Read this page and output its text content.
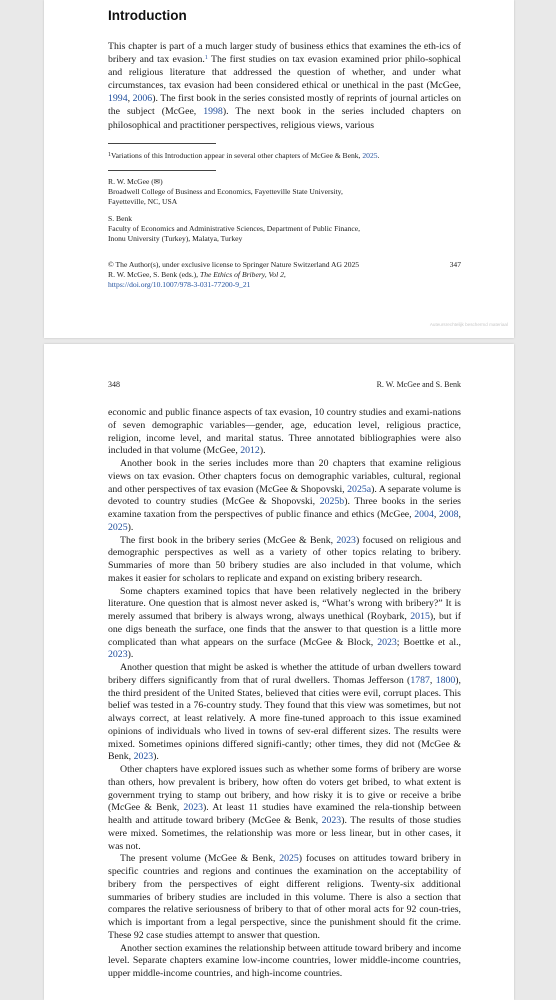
Introduction

This chapter is part of a much larger study of business ethics that examines the eth-ics of bribery and tax evasion.$^1$ The first studies on tax evasion examined prior philo-sophical and religious literature that addressed the question of whether, and under what circumstances, tax evasion had been considered ethical or unethical in the past (McGee, 1994, 2006). The first book in the series consisted mostly of reprints of journal articles on the subject (McGee, 1998). The next book in the series included chapters on philosophical and practitioner perspectives, religious views, various

$^1$Variations of this Introduction appear in several other chapters of McGee & Benk, 2025.
R. W. McGee (✉)
Broadwell College of Business and Economics, Fayetteville State University,
Fayetteville, NC, USA
S. Benk
Faculty of Economics and Administrative Sciences, Department of Public Finance,
Inonu University (Turkey), Malatya, Turkey
© The Author(s), under exclusive license to Springer Nature Switzerland AG 2025	347
R. W. McGee, S. Benk (eds.), The Ethics of Bribery, Vol 2,
https://doi.org/10.1007/978-3-031-77200-9_21
Auteursrechtelijk beschermd materiaal
348	R. W. McGee and S. Benk

economic and public finance aspects of tax evasion, 10 country studies and exami-nations of seven demographic variables—gender, age, education level, religious practice, religion, income level, and marital status. Three annotated bibliographies were also included in that volume (McGee, 2012).

Another book in the series includes more than 20 chapters that examine religious views on tax evasion. Other chapters focus on demographic variables, cultural, regional and other perspectives of tax evasion (McGee & Shopovski, 2025a). A separate volume is devoted to country studies (McGee & Shopovski, 2025b). Three books in the series examine taxation from the perspectives of public finance and ethics (McGee, 2004, 2008, 2025).

The first book in the bribery series (McGee & Benk, 2023) focused on religious and demographic perspectives as well as a variety of other topics relating to bribery. Summaries of more than 50 bribery studies are also included in that volume, which makes it easier for scholars to replicate and expand on existing bribery research.

Some chapters examined topics that have been relatively neglected in the bribery literature. One question that is almost never asked is, “What’s wrong with bribery?” It is merely assumed that bribery is always wrong, always unethical (Roybark, 2015), but if one digs beneath the surface, one finds that the answer to that question is a little more complicated than what appears on the surface (McGee & Block, 2023; Boettke et al., 2023).

Another question that might be asked is whether the attitude of urban dwellers toward bribery differs significantly from that of rural dwellers. Thomas Jefferson (1787, 1800), the third president of the United States, believed that cities were evil, corrupt places. This belief was tested in a 76-country study. They found that this view was sometimes, but not always correct, at least relatively. A more fine-tuned approach to this issue examined opinions of individuals who lived in towns of sev-eral different sizes. The results were mixed. Sometimes opinions differed signifi-cantly; other times, they did not (McGee & Benk, 2023).

Other chapters have explored issues such as whether some forms of bribery are worse than others, how prevalent is bribery, how often do voters get bribed, to what extent is government trying to stamp out bribery, and how risky it is to give or receive a bribe (McGee & Benk, 2023). At least 11 studies have examined the rela-tionship between health and attitude toward bribery (McGee & Benk, 2023). The results of those studies were mixed. Sometimes, the relationship was more or less linear, but in other cases, it was not.

The present volume (McGee & Benk, 2025) focuses on attitudes toward bribery in specific countries and regions and continues the examination on the acceptability of bribery from the perspectives of eight different religions. Twenty-six additional summaries of bribery studies are included in this volume. There is also a section that compares the relative seriousness of bribery to that of other moral acts for 92 coun-tries, which is important from a legal perspective, since the punishment should fit the crime. These 92 case studies attempt to answer that question.

Another section examines the relationship between attitude toward bribery and income level. Separate chapters examine low-income countries, lower middle-income countries, upper middle-income countries, and high-income countries.
